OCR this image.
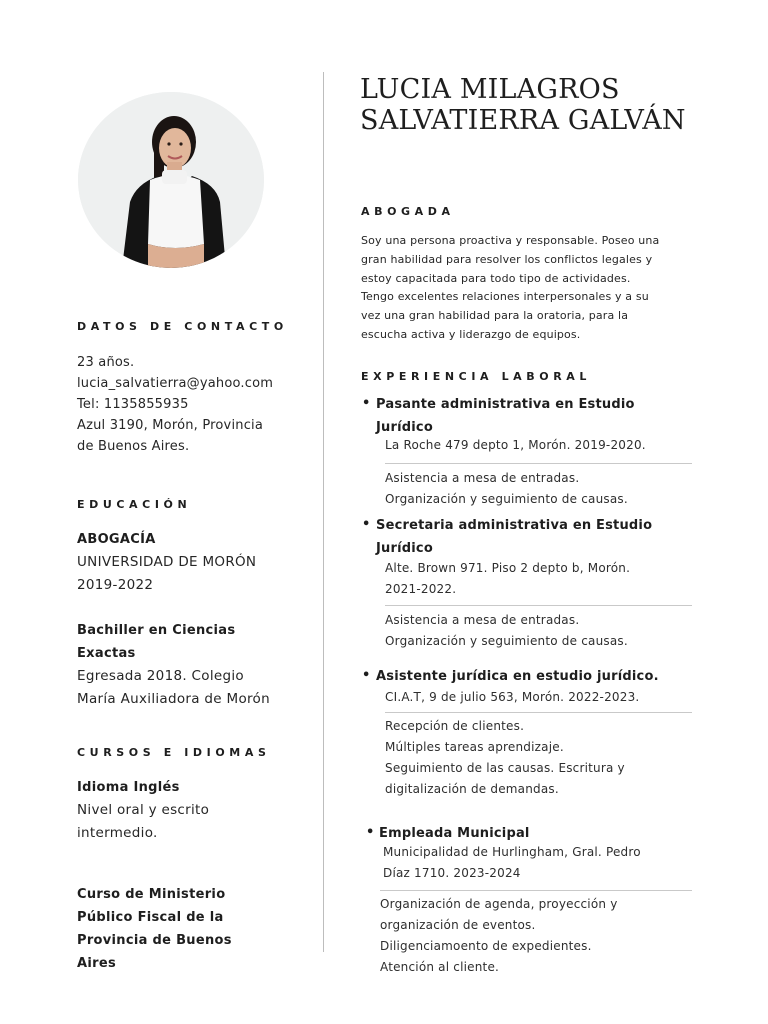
DATOS DE CONTACTO
23 años.
lucia_salvatierra@yahoo.com
Tel: 1135855935
Azul 3190, Morón, Provincia
de Buenos Aires.
EDUCACIÓN
ABOGACÍA
UNIVERSIDAD DE MORÓN
2019-2022
Bachiller en Ciencias
Exactas
Egresada 2018. Colegio
María Auxiliadora de Morón
CURSOS E IDIOMAS
Idioma Inglés
Nivel oral y escrito
intermedio.
Curso de Ministerio
Público Fiscal de la
Provincia de Buenos
Aires
LUCIA MILAGROS
SALVATIERRA GALVÁN
ABOGADA
Soy una persona proactiva y responsable. Poseo una
gran habilidad para resolver los conflictos legales y
estoy capacitada para todo tipo de actividades.
Tengo excelentes relaciones interpersonales y a su
vez una gran habilidad para la oratoria, para la
escucha activa y liderazgo de equipos.
EXPERIENCIA LABORAL
• Pasante administrativa en Estudio
Jurídico
La Roche 479 depto 1, Morón. 2019-2020.
Asistencia a mesa de entradas.
Organización y seguimiento de causas.
• Secretaria administrativa en Estudio
Jurídico
Alte. Brown 971. Piso 2 depto b, Morón.
2021-2022.
Asistencia a mesa de entradas.
Organización y seguimiento de causas.
• Asistente jurídica en estudio jurídico.
CI.A.T, 9 de julio 563, Morón. 2022-2023.
Recepción de clientes.
Múltiples tareas aprendizaje.
Seguimiento de las causas. Escritura y
digitalización de demandas.
• Empleada Municipal
Municipalidad de Hurlingham, Gral. Pedro
Díaz 1710. 2023-2024
Organización de agenda, proyección y
organización de eventos.
Diligenciamoento de expedientes.
Atención al cliente.
